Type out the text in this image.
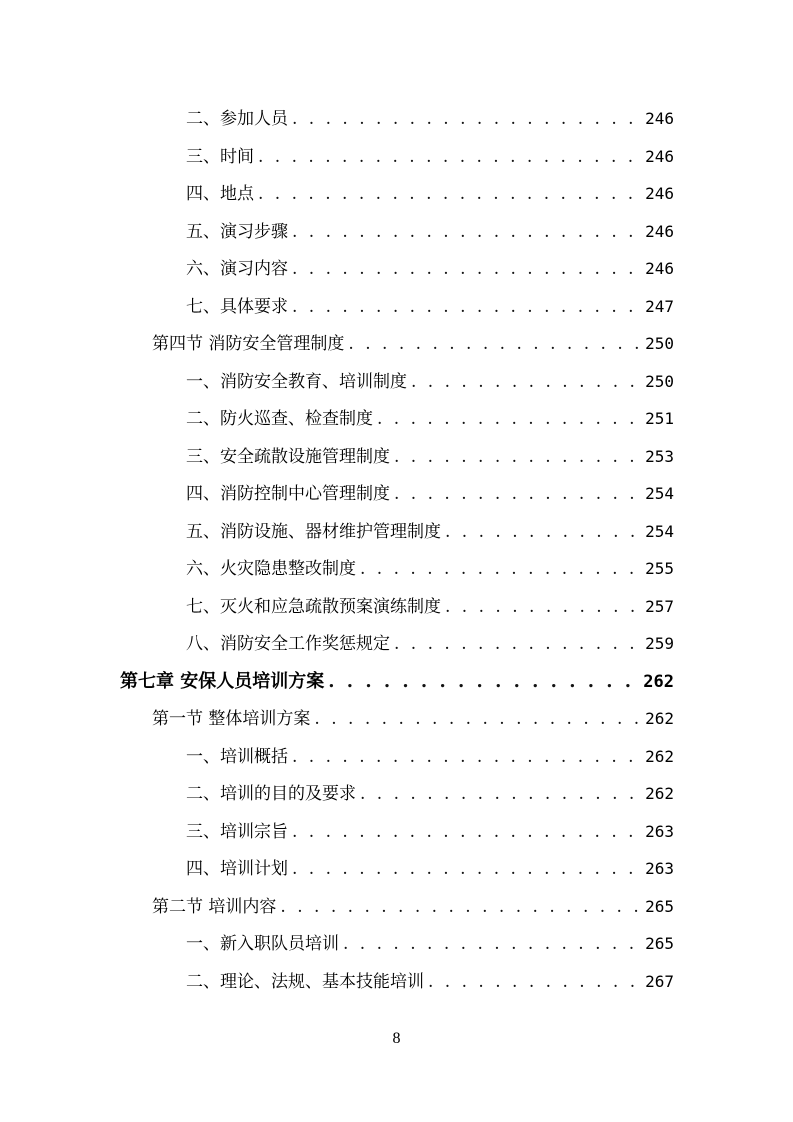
二、参加人员 . . .	246
三、时间 . . .	246
四、地点 . . .	246
五、演习步骤 . . .	246
六、演习内容 . . .	246
七、具体要求 . . .	247
第四节 消防安全管理制度 . . .	250
一、消防安全教育、培训制度 . . .	250
二、防火巡查、检查制度 . . .	251
三、安全疏散设施管理制度 . . .	253
四、消防控制中心管理制度 . . .	254
五、消防设施、器材维护管理制度 . . .	254
六、火灾隐患整改制度 . . .	255
七、灭火和应急疏散预案演练制度 . . .	257
八、消防安全工作奖惩规定 . . .	259
第七章 安保人员培训方案 . . .	262
第一节 整体培训方案 . . .	262
一、培训概括 . . .	262
二、培训的目的及要求 . . .	262
三、培训宗旨 . . .	263
四、培训计划 . . .	263
第二节 培训内容 . . .	265
一、新入职队员培训 . . .	265
二、理论、法规、基本技能培训 . . .	267
8
